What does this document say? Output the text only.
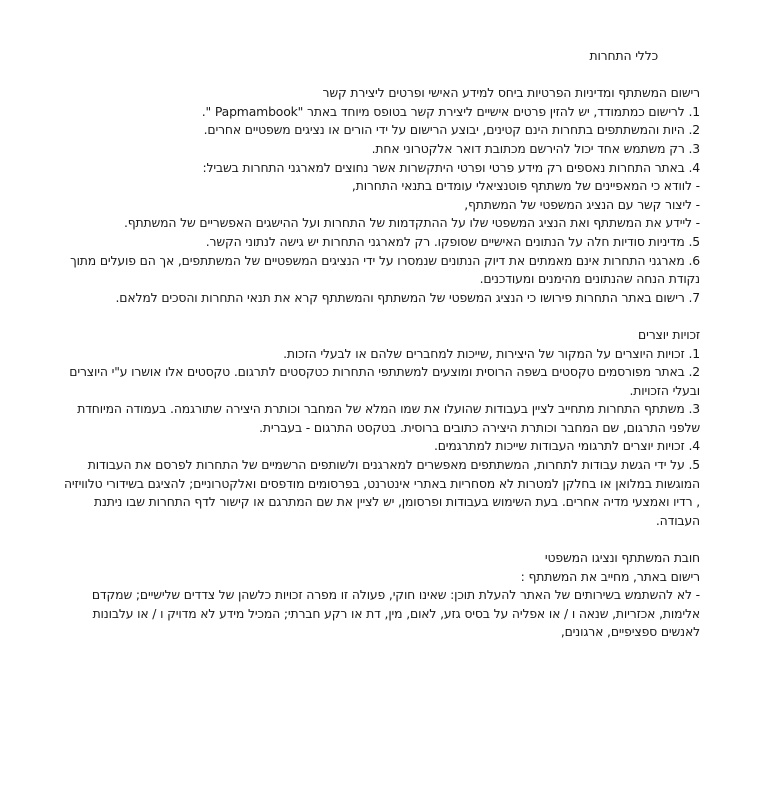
כללי התחרות

רישום המשתתף ומדיניות הפרטיות ביחס למידע האישי ופרטים ליצירת קשר

1. לרישום כמתמודד, יש להזין פרטים אישיים ליצירת קשר בטופס מיוחד באתר "Papmambook ".

2. היות והמשתתפים בתחרות הינם קטינים, יבוצע הרישום על ידי הורים או נציגים משפטיים אחרים.

3. רק משתמש אחד יכול להירשם מכתובת דואר אלקטרוני אחת.

4. באתר התחרות נאספים רק מידע פרטי ופרטי היתקשרות אשר נחוצים למארגני התחרות בשביל:

- לוודא כי המאפיינים של משתתף פוטנציאלי עומדים בתנאי התחרות,

- ליצור קשר עם הנציג המשפטי של המשתתף,

- ליידע את המשתתף ואת הנציג המשפטי שלו על ההתקדמות של התחרות ועל ההישגים האפשריים של המשתתף.

5. מדיניות סודיות חלה על הנתונים האישיים שסופקו. רק למארגני התחרות יש גישה לנתוני הקשר.

6. מארגני התחרות אינם מאמתים את דיוק הנתונים שנמסרו על ידי הנציגים המשפטיים של המשתתפים, אך הם פועלים מתוך נקודת הנחה שהנתונים מהימנים ומעודכנים.

7. רישום באתר התחרות פירושו כי הנציג המשפטי של המשתתף והמשתתף קרא את תנאי התחרות והסכים למלאם.

זכויות יוצרים

1. זכויות היוצרים על המקור של היצירות ,שייכות למחברים שלהם או לבעלי הזכות.

2. באתר מפורסמים טקסטים בשפה הרוסית ומוצעים למשתתפי התחרות כטקסטים לתרגום. טקסטים אלו אושרו ע"י היוצרים ובעלי הזכויות.

3. משתתף התחרות מתחייב לציין בעבודות שהועלו את שמו המלא של המחבר וכותרת היצירה שתורגמה. בעמודה המיוחדת שלפני התרגום, שם המחבר וכותרת היצירה כתובים ברוסית. בטקסט התרגום - בעברית.

4. זכויות יוצרים לתרגומי העבודות שייכות למתרגמים.

5. על ידי הגשת עבודות לתחרות, המשתתפים מאפשרים למארגנים ולשותפים הרשמיים של התחרות לפרסם את העבודות המוגשות במלואן או בחלקן למטרות לא מסחריות באתרי אינטרנט, בפרסומים מודפסים ואלקטרוניים; להציגם בשידורי טלוויזיה , רדיו ואמצעי מדיה אחרים. בעת השימוש בעבודות ופרסומן, יש לציין את שם המתרגם או קישור לדף התחרות שבו ניתנת העבודה.

חובת המשתתף ונציגו המשפטי

רישום באתר, מחייב את המשתתף :

- לא להשתמש בשירותים של האתר להעלת תוכן: שאינו חוקי, פעולה זו מפרה זכויות כלשהן של צדדים שלישיים; שמקדם אלימות, אכזריות, שנאה ו / או אפליה על בסיס גזע, לאום, מין, דת או רקע חברתי; המכיל מידע לא מדויק ו / או עלבונות לאנשים ספציפיים, ארגונים,
